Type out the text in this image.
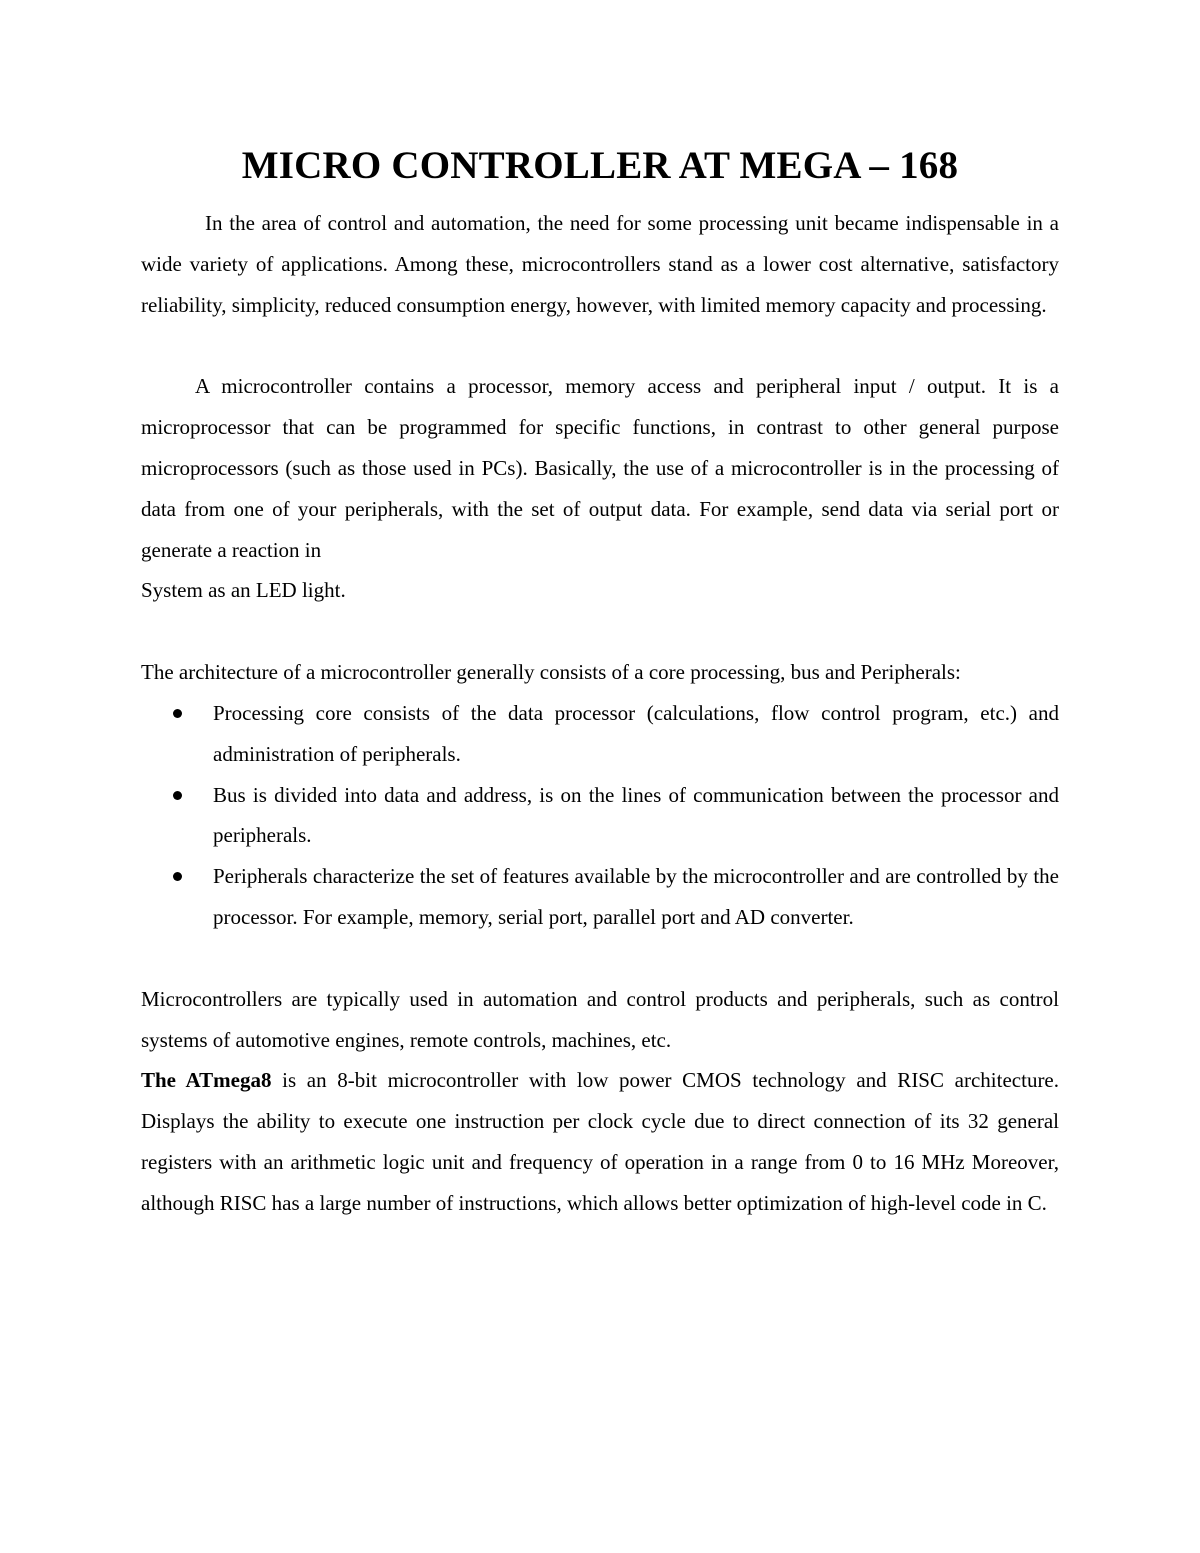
MICRO CONTROLLER AT MEGA – 168

In the area of control and automation, the need for some processing unit became indispensable in a wide variety of applications. Among these, microcontrollers stand as a lower cost alternative, satisfactory reliability, simplicity, reduced consumption energy, however, with limited memory capacity and processing.

A microcontroller contains a processor, memory access and peripheral input / output. It is a microprocessor that can be programmed for specific functions, in contrast to other general purpose microprocessors (such as those used in PCs). Basically, the use of a microcontroller is in the processing of data from one of your peripherals, with the set of output data. For example, send data via serial port or generate a reaction in

System as an LED light.

The architecture of a microcontroller generally consists of a core processing, bus and Peripherals:

Processing core consists of the data processor (calculations, flow control program, etc.) and administration of peripherals.
Bus is divided into data and address, is on the lines of communication between the processor and peripherals.
Peripherals characterize the set of features available by the microcontroller and are controlled by the processor. For example, memory, serial port, parallel port and AD converter.

Microcontrollers are typically used in automation and control products and peripherals, such as control systems of automotive engines, remote controls, machines, etc.

The ATmega8 is an 8-bit microcontroller with low power CMOS technology and RISC architecture. Displays the ability to execute one instruction per clock cycle due to direct connection of its 32 general registers with an arithmetic logic unit and frequency of operation in a range from 0 to 16 MHz Moreover, although RISC has a large number of instructions, which allows better optimization of high-level code in C.
